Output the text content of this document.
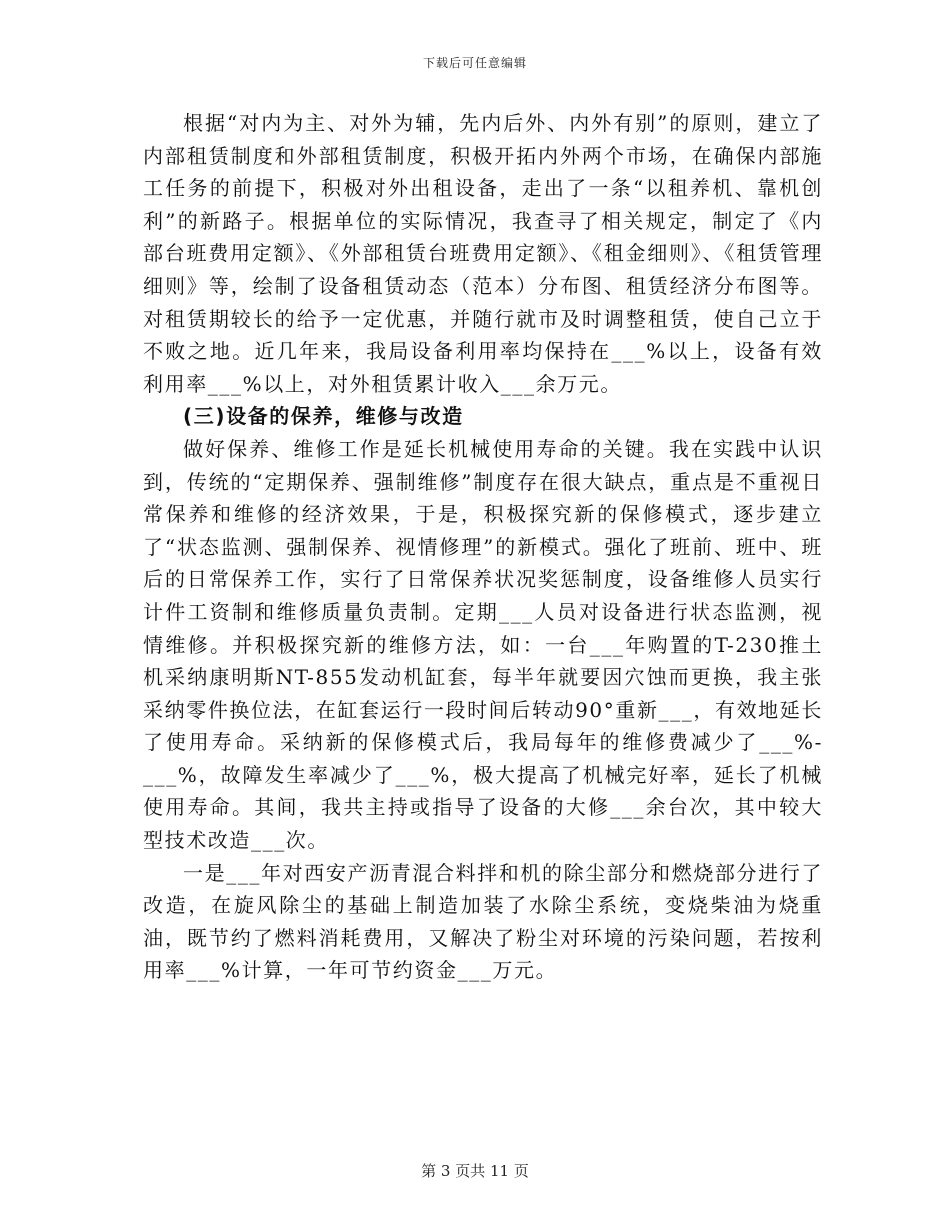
下载后可任意编辑

根据“对内为主、对外为辅，先内后外、内外有别”的原则，建立了内部租赁制度和外部租赁制度，积极开拓内外两个市场，在确保内部施工任务的前提下，积极对外出租设备，走出了一条“以租养机、靠机创利”的新路子。根据单位的实际情况，我查寻了相关规定，制定了《内部台班费用定额》、《外部租赁台班费用定额》、《租金细则》、《租赁管理细则》等，绘制了设备租赁动态（范本）分布图、租赁经济分布图等。对租赁期较长的给予一定优惠，并随行就市及时调整租赁，使自己立于不败之地。近几年来，我局设备利用率均保持在___%以上，设备有效利用率___%以上，对外租赁累计收入___余万元。

(三)设备的保养，维修与改造

做好保养、维修工作是延长机械使用寿命的关键。我在实践中认识到，传统的“定期保养、强制维修”制度存在很大缺点，重点是不重视日常保养和维修的经济效果，于是，积极探究新的保修模式，逐步建立了“状态监测、强制保养、视情修理”的新模式。强化了班前、班中、班后的日常保养工作，实行了日常保养状况奖惩制度，设备维修人员实行计件工资制和维修质量负责制。定期___人员对设备进行状态监测，视情维修。并积极探究新的维修方法，如：一台___年购置的T-230推土机采纳康明斯NT-855发动机缸套，每半年就要因穴蚀而更换，我主张采纳零件换位法，在缸套运行一段时间后转动90°重新___，有效地延长了使用寿命。采纳新的保修模式后，我局每年的维修费减少了___%-___%，故障发生率减少了___%，极大提高了机械完好率，延长了机械使用寿命。其间，我共主持或指导了设备的大修___余台次，其中较大型技术改造___次。

一是___年对西安产沥青混合料拌和机的除尘部分和燃烧部分进行了改造，在旋风除尘的基础上制造加装了水除尘系统，变烧柴油为烧重油，既节约了燃料消耗费用，又解决了粉尘对环境的污染问题，若按利用率___%计算，一年可节约资金___万元。

第 3 页共 11 页
